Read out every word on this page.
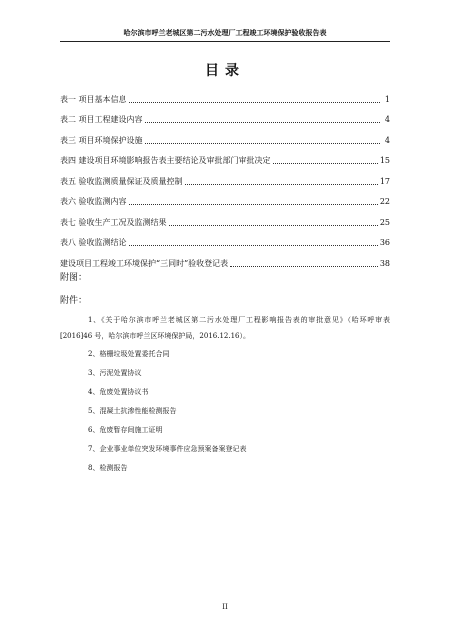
哈尔滨市呼兰老城区第二污水处理厂工程竣工环境保护验收报告表
目录
表一 项目基本信息	1
表二 项目工程建设内容	4
表三 项目环境保护设施	4
表四 建设项目环境影响报告表主要结论及审批部门审批决定	15
表五 验收监测质量保证及质量控制	17
表六 验收监测内容	22
表七 验收生产工况及监测结果	25
表八 验收监测结论	36
建设项目工程竣工环境保护“三同时”验收登记表	38
附图：
附件：
1、《关于哈尔滨市呼兰老城区第二污水处理厂工程影响报告表的审批意见》（哈环呼审表[2016]46 号，哈尔滨市呼兰区环境保护局，2016.12.16）。
2、格栅垃圾处置委托合同
3、污泥处置协议
4、危废处置协议书
5、混凝土抗渗性能检测报告
6、危废暂存间施工证明
7、企业事业单位突发环境事件应急预案备案登记表
8、检测报告
II
